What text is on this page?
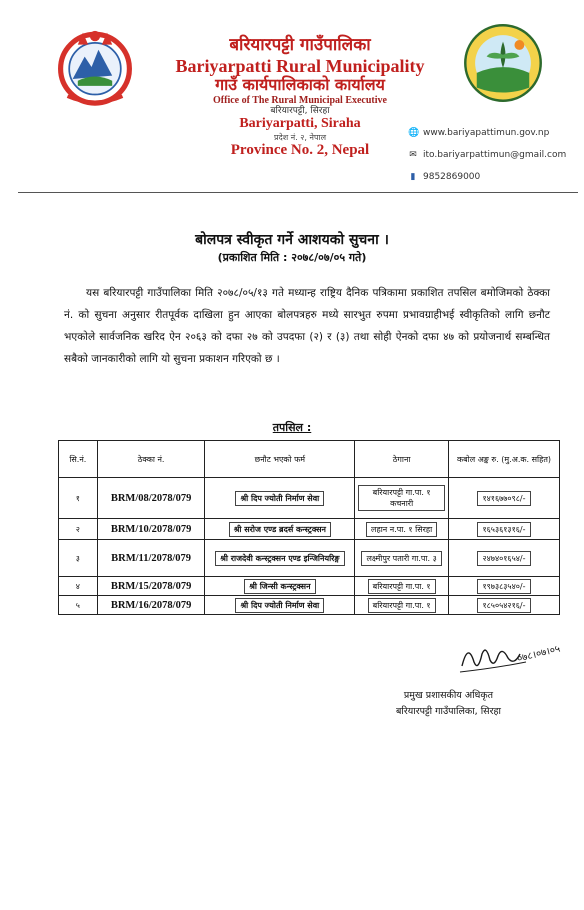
बरियारपट्टी गाउँपालिका
Bariyarpatti Rural Municipality
गाउँ कार्यपालिकाको कार्यालय
Office of The Rural Municipal Executive
बरियारपट्टी, सिरहा
Bariyarpatti, Siraha
प्रदेश नं. २, नेपाल
Province No. 2, Nepal
🌐 www.bariyapattimun.gov.np
✉ ito.bariyarpattimun@gmail.com
▮ 9852869000
बोलपत्र स्वीकृत गर्ने आशयको सुचना ।
(प्रकाशित मिति : २०७८/०७/०५ गते)
यस बरियारपट्टी गाउँपालिका मिति २०७८/०५/१३ गते मध्यान्ह राष्ट्रिय दैनिक पत्रिकामा प्रकाशित तपसिल बमोजिमको ठेक्का नं. को सुचना अनुसार रीतपूर्वक दाखिला हुन आएका बोलपत्रहरु मध्ये सारभुत रुपमा प्रभावग्राहीभई स्वीकृतिको लागि छनौट भएकोले सार्वजनिक खरिद ऐन २०६३ को दफा २७ को उपदफा (२) र (३) तथा सोही ऐनको दफा ४७ को प्रयोजनार्थ सम्बन्धित सबैको जानकारीको लागि यो सुचना प्रकाशन गरिएको छ ।
तपसिल :
सि.नं.	ठेक्का नं.	छनौट भएको फर्म	ठेगाना	कबोल अङ्क रु. (मु.अ.क. सहित)
१	BRM/08/2078/079	श्री दिप ज्योती निर्माण सेवा	बरियारपट्टी गा.पा. १ कचनारी	१४१६७७०९८/-
२	BRM/10/2078/079	श्री सरोज एण्ड ब्रदर्स कन्स्ट्रक्सन	लहान न.पा. १ सिरहा	१६५३६१३१६/-
३	BRM/11/2078/079	श्री राजदेवी कन्स्ट्रक्सन एण्ड इन्जिनियरिङ्ग	लक्ष्मीपुर पतारी गा.पा. ३	२४७४०१६५४/-
४	BRM/15/2078/079	श्री जिन्सी कन्स्ट्रक्सन	बरियारपट्टी गा.पा. १	१९७३८३५४०/-
५	BRM/16/2078/079	श्री दिप ज्योती निर्माण सेवा	बरियारपट्टी गा.पा. १	१८५०५४२१६/-
०७८।०७।०५
प्रमुख प्रशासकीय अधिकृत
बरियारपट्टी गाउँपालिका, सिरहा
